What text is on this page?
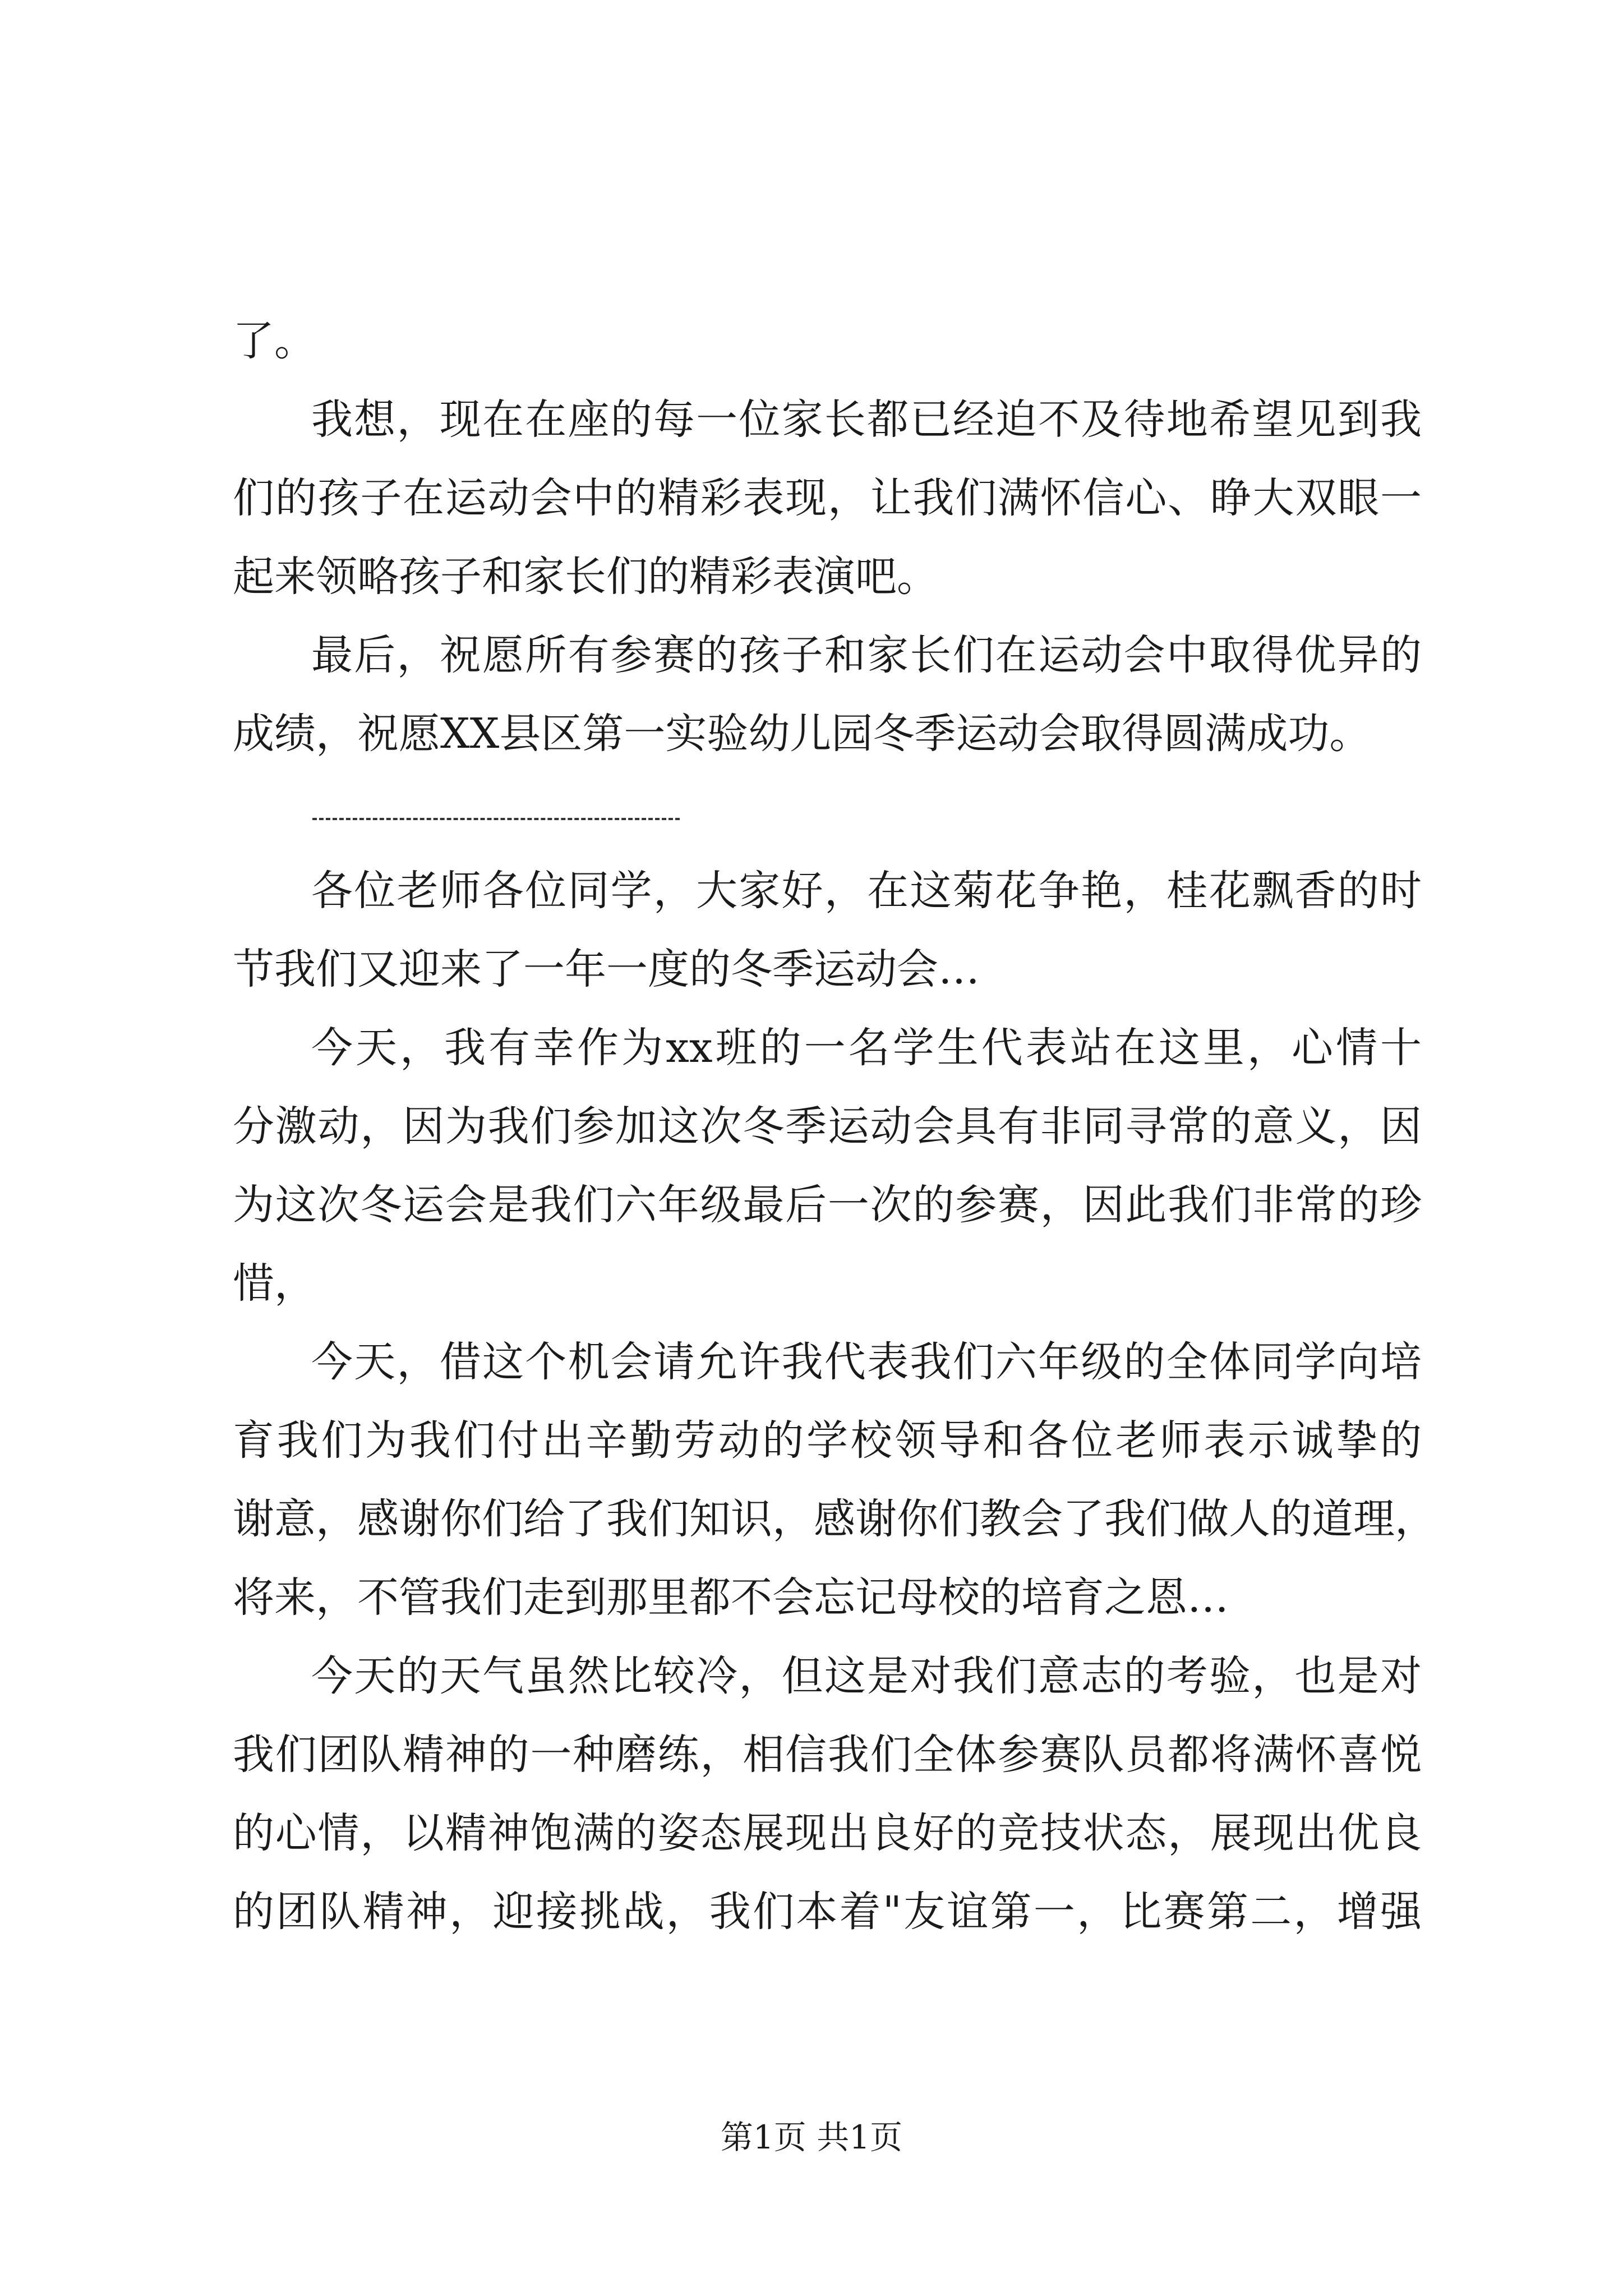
了。
我想，现在在座的每一位家长都已经迫不及待地希望见到我
们的孩子在运动会中的精彩表现，让我们满怀信心、睁大双眼一
起来领略孩子和家长们的精彩表演吧。
最后，祝愿所有参赛的孩子和家长们在运动会中取得优异的
成绩，祝愿XX县区第一实验幼儿园冬季运动会取得圆满成功。
各位老师各位同学，大家好，在这菊花争艳，桂花飘香的时
节我们又迎来了一年一度的冬季运动会…
今天，我有幸作为xx班的一名学生代表站在这里，心情十
分激动，因为我们参加这次冬季运动会具有非同寻常的意义，因
为这次冬运会是我们六年级最后一次的参赛，因此我们非常的珍
惜，
今天，借这个机会请允许我代表我们六年级的全体同学向培
育我们为我们付出辛勤劳动的学校领导和各位老师表示诚挚的
谢意，感谢你们给了我们知识，感谢你们教会了我们做人的道理，
将来，不管我们走到那里都不会忘记母校的培育之恩…
今天的天气虽然比较冷，但这是对我们意志的考验，也是对
我们团队精神的一种磨练，相信我们全体参赛队员都将满怀喜悦
的心情，以精神饱满的姿态展现出良好的竞技状态，展现出优良
的团队精神，迎接挑战，我们本着"友谊第一，比赛第二，增强
第1页 共1页
